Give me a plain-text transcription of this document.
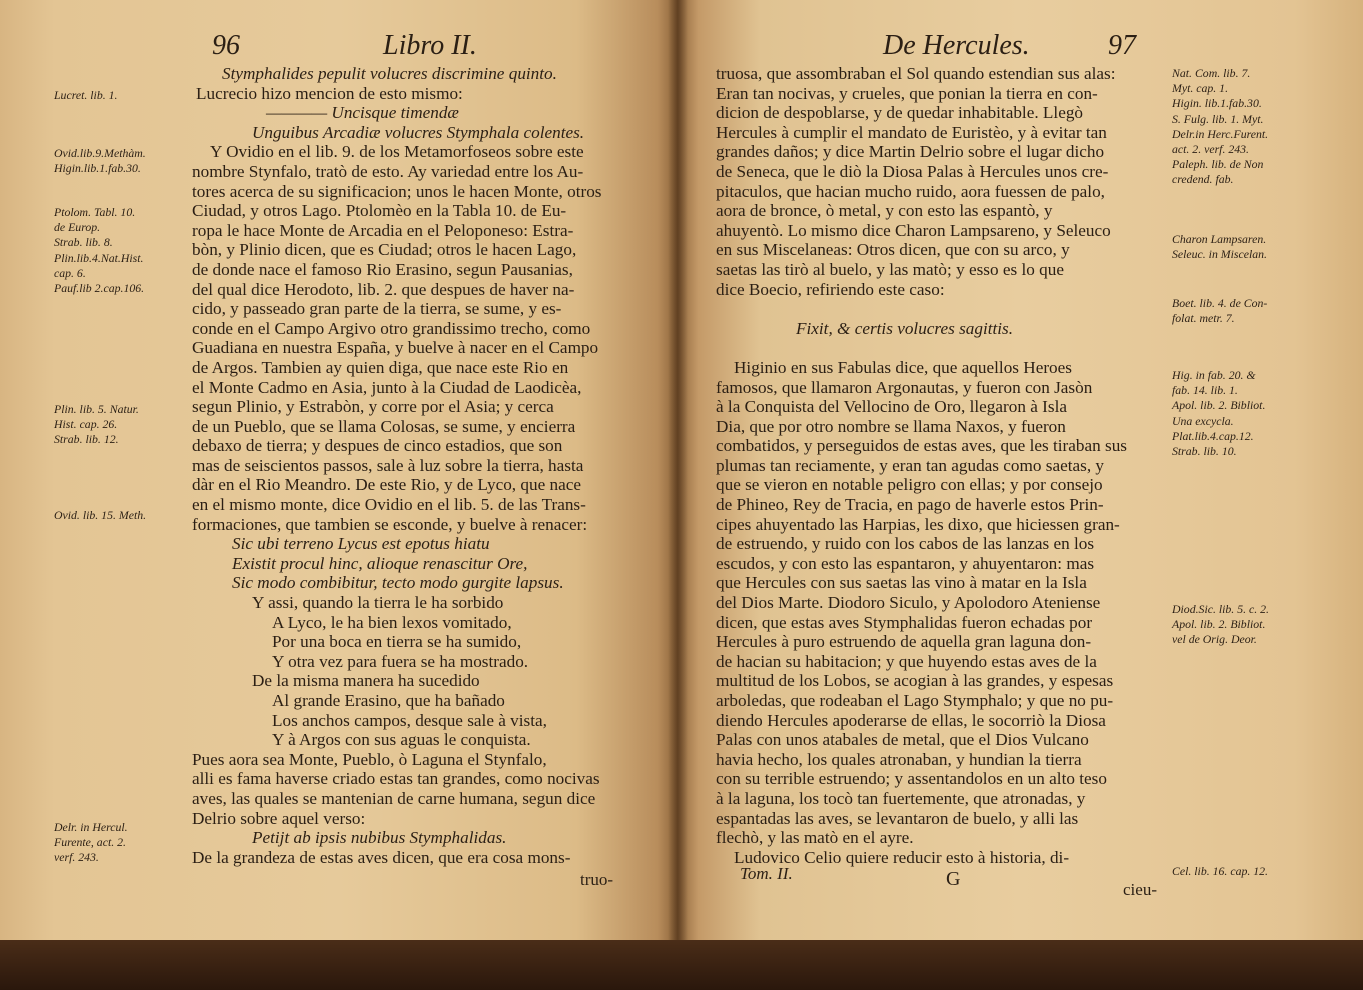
96	Libro II.
Stymphalides pepulit volucres discrimine quinto.
Lucrecio hizo mencion de esto mismo:
———— Uncisque timendæ
Unguibus Arcadiæ volucres Stymphala colentes.
Y Ovidio en el lib. 9. de los Metamorfoseos sobre este
nombre Stynfalo, tratò de esto. Ay variedad entre los Au-
tores acerca de su significacion; unos le hacen Monte, otros
Ciudad, y otros Lago. Ptolomèo en la Tabla 10. de Eu-
ropa le hace Monte de Arcadia en el Peloponeso: Estra-
bòn, y Plinio dicen, que es Ciudad; otros le hacen Lago,
de donde nace el famoso Rio Erasino, segun Pausanias,
del qual dice Herodoto, lib. 2. que despues de haver na-
cido, y passeado gran parte de la tierra, se sume, y es-
conde en el Campo Argivo otro grandissimo trecho, como
Guadiana en nuestra España, y buelve à nacer en el Campo
de Argos. Tambien ay quien diga, que nace este Rio en
el Monte Cadmo en Asia, junto à la Ciudad de Laodicèa,
segun Plinio, y Estrabòn, y corre por el Asia; y cerca
de un Pueblo, que se llama Colosas, se sume, y encierra
debaxo de tierra; y despues de cinco estadios, que son
mas de seiscientos passos, sale à luz sobre la tierra, hasta
dàr en el Rio Meandro. De este Rio, y de Lyco, que nace
en el mismo monte, dice Ovidio en el lib. 5. de las Trans-
formaciones, que tambien se esconde, y buelve à renacer:
Sic ubi terreno Lycus est epotus hiatu
Existit procul hinc, alioque renascitur Ore,
Sic modo combibitur, tecto modo gurgite lapsus.
Y assi, quando la tierra le ha sorbido
A Lyco, le ha bien lexos vomitado,
Por una boca en tierra se ha sumido,
Y otra vez para fuera se ha mostrado.
De la misma manera ha sucedido
Al grande Erasino, que ha bañado
Los anchos campos, desque sale à vista,
Y à Argos con sus aguas le conquista.
Pues aora sea Monte, Pueblo, ò Laguna el Stynfalo,
alli es fama haverse criado estas tan grandes, como nocivas
aves, las quales se mantenian de carne humana, segun dice
Delrio sobre aquel verso:
Petijt ab ipsis nubibus Stymphalidas.
De la grandeza de estas aves dicen, que era cosa mons-
truo-
Lucret. lib. 1.
Ovid.lib.9.Methàm.
Higin.lib.1.fab.30.
Ptolom. Tabl. 10.
de Europ.
Strab. lib. 8.
Plin.lib.4.Nat.Hist.
cap. 6.
Pauf.lib 2.cap.106.
Plin. lib. 5. Natur.
Hist. cap. 26.
Strab. lib. 12.
Ovid. lib. 15. Meth.
Delr. in Hercul.
Furente, act. 2.
verf. 243.
De Hercules.	97
truosa, que assombraban el Sol quando estendian sus alas:
Eran tan nocivas, y crueles, que ponian la tierra en con-
dicion de despoblarse, y de quedar inhabitable. Llegò
Hercules à cumplir el mandato de Euristèo, y à evitar tan
grandes daños; y dice Martin Delrio sobre el lugar dicho
de Seneca, que le diò la Diosa Palas à Hercules unos cre-
pitaculos, que hacian mucho ruido, aora fuessen de palo,
aora de bronce, ò metal, y con esto las espantò, y
ahuyentò. Lo mismo dice Charon Lampsareno, y Seleuco
en sus Miscelaneas: Otros dicen, que con su arco, y
saetas las tirò al buelo, y las matò; y esso es lo que
dice Boecio, refiriendo este caso:
Fixit, & certis volucres sagittis.
Higinio en sus Fabulas dice, que aquellos Heroes
famosos, que llamaron Argonautas, y fueron con Jasòn
à la Conquista del Vellocino de Oro, llegaron à Isla
Dia, que por otro nombre se llama Naxos, y fueron
combatidos, y perseguidos de estas aves, que les tiraban sus
plumas tan reciamente, y eran tan agudas como saetas, y
que se vieron en notable peligro con ellas; y por consejo
de Phineo, Rey de Tracia, en pago de haverle estos Prin-
cipes ahuyentado las Harpias, les dixo, que hiciessen gran-
de estruendo, y ruido con los cabos de las lanzas en los
escudos, y con esto las espantaron, y ahuyentaron: mas
que Hercules con sus saetas las vino à matar en la Isla
del Dios Marte. Diodoro Siculo, y Apolodoro Ateniense
dicen, que estas aves Stymphalidas fueron echadas por
Hercules à puro estruendo de aquella gran laguna don-
de hacian su habitacion; y que huyendo estas aves de la
multitud de los Lobos, se acogian à las grandes, y espesas
arboledas, que rodeaban el Lago Stymphalo; y que no pu-
diendo Hercules apoderarse de ellas, le socorriò la Diosa
Palas con unos atabales de metal, que el Dios Vulcano
havia hecho, los quales atronaban, y hundian la tierra
con su terrible estruendo; y assentandolos en un alto teso
à la laguna, los tocò tan fuertemente, que atronadas, y
espantadas las aves, se levantaron de buelo, y alli las
flechò, y las matò en el ayre.
Ludovico Celio quiere reducir esto à historia, di-
Tom. II.	G	cieu-
Nat. Com. lib. 7.
Myt. cap. 1.
Higin. lib.1.fab.30.
S. Fulg. lib. 1. Myt.
Delr.in Herc.Furent.
act. 2. verf. 243.
Paleph. lib. de Non
credend. fab.
Charon Lampsaren.
Seleuc. in Miscelan.
Boet. lib. 4. de Con-
folat. metr. 7.
Hig. in fab. 20. &
fab. 14. lib. 1.
Apol. lib. 2. Bibliot.
Una excycla.
Plat.lib.4.cap.12.
Strab. lib. 10.
Diod.Sic. lib. 5. c. 2.
Apol. lib. 2. Bibliot.
vel de Orig. Deor.
Cel. lib. 16. cap. 12.
